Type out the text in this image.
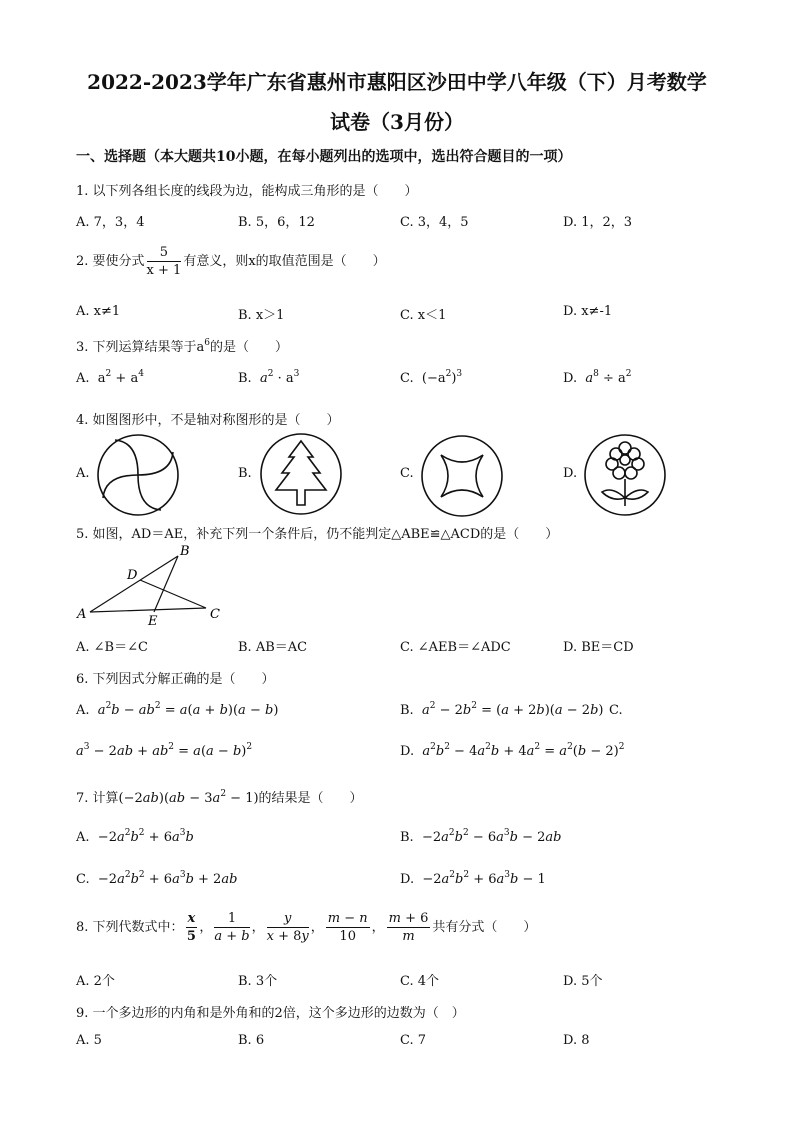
2022-2023学年广东省惠州市惠阳区沙田中学八年级（下）月考数学
试卷（3月份）
一、选择题（本大题共10小题，在每小题列出的选项中，选出符合题目的一项）
1. 以下列各组长度的线段为边，能构成三角形的是（　　）
A. 7，3，4	B. 5，6，12	C. 3，4，5	D. 1，2，3
2. 要使分式 $\frac{5}{x + 1}$ 有意义，则x的取值范围是（　　）
A. x≠1	B. x＞1	C. x＜1	D. x≠-1
3. 下列运算结果等于$a^6$的是（　　）
A.  $a^2 + a^4$	B. $a^2 \cdot a^3$	C.  $(-a^2)^3$	D. $a^8 \div a^2$
4. 如图图形中，不是轴对称图形的是（　　）
A.	B.	C.	D.
5. 如图，AD＝AE，补充下列一个条件后，仍不能判定△ABE≌△ACD的是（　　）
A
B
C
D
E
A. ∠B＝∠C	B. AB＝AC	C. ∠AEB＝∠ADC	D. BE＝CD
6. 下列因式分解正确的是（　　）
A. $a^2b - ab^2 = a(a + b)(a - b)$	B. $a^2 - 2b^2 = (a + 2b)(a - 2b)$ C.
$a^3 - 2ab + ab^2 = a(a - b)^2$	D. $a^2b^2 - 4a^2b + 4a^2 = a^2(b - 2)^2$
7. 计算$(-2ab)(ab - 3a^2 - 1)$的结果是（　　）
A.  $-2a^2b^2 + 6a^3b$	B.  $-2a^2b^2 - 6a^3b - 2ab$
C.  $-2a^2b^2 + 6a^3b + 2ab$	D.  $-2a^2b^2 + 6a^3b - 1$
8. 下列代数式中： $\frac{x}{5}$ ， $\frac{1}{a + b}$ ， $\frac{y}{x + 8y}$ ， $\frac{m - n}{10}$ ， $\frac{m + 6}{m}$ 共有分式（　　）
A. 2个	B. 3个	C. 4个	D. 5个
9. 一个多边形的内角和是外角和的2倍，这个多边形的边数为（　）
A. 5	B. 6	C. 7	D. 8
